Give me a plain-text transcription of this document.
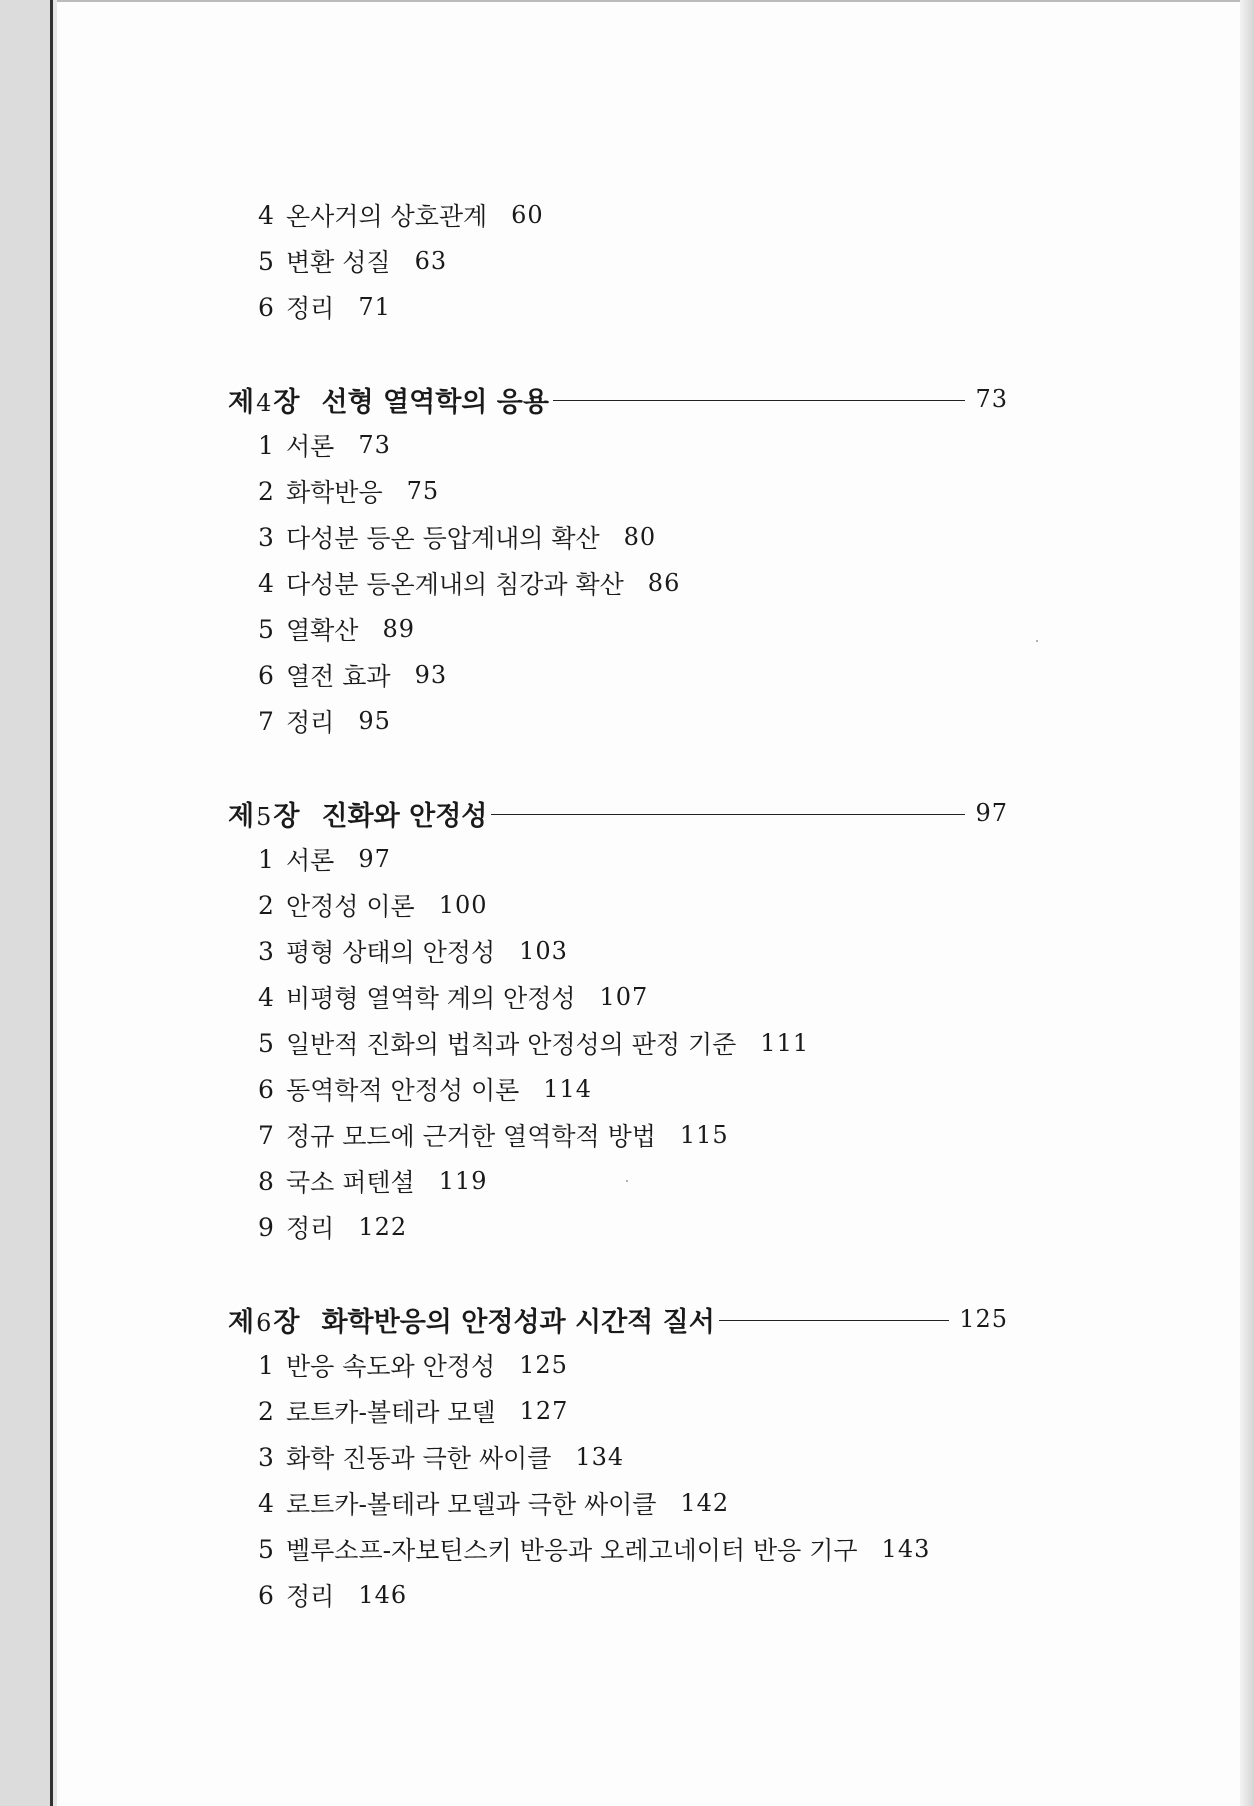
4 온사거의 상호관계 60
5 변환 성질 63
6 정리 71
제4장 선형 열역학의 응용	73
1 서론 73
2 화학반응 75
3 다성분 등온 등압계내의 확산 80
4 다성분 등온계내의 침강과 확산 86
5 열확산 89
6 열전 효과 93
7 정리 95
제5장 진화와 안정성	97
1 서론 97
2 안정성 이론 100
3 평형 상태의 안정성 103
4 비평형 열역학 계의 안정성 107
5 일반적 진화의 법칙과 안정성의 판정 기준 111
6 동역학적 안정성 이론 114
7 정규 모드에 근거한 열역학적 방법 115
8 국소 퍼텐셜 119
9 정리 122
제6장 화학반응의 안정성과 시간적 질서	125
1 반응 속도와 안정성 125
2 로트카-볼테라 모델 127
3 화학 진동과 극한 싸이클 134
4 로트카-볼테라 모델과 극한 싸이클 142
5 벨루소프-자보틴스키 반응과 오레고네이터 반응 기구 143
6 정리 146
